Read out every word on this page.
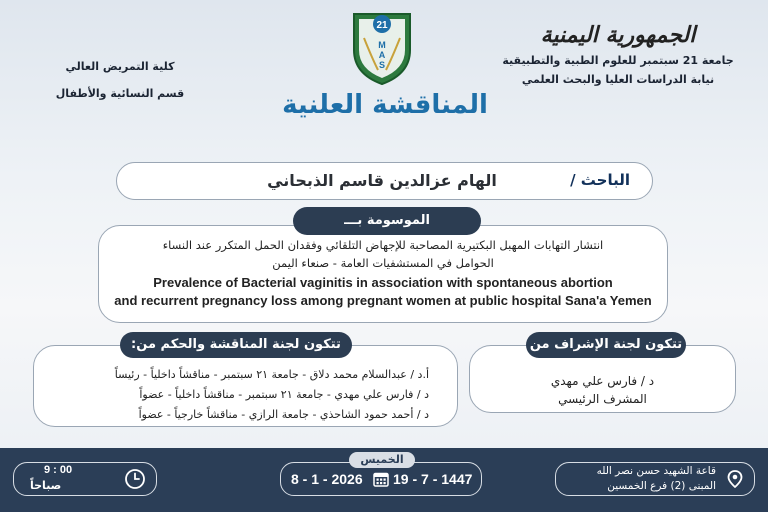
الجمهورية اليمنية
جامعة 21 سبتمبر للعلوم الطبية والتطبيقية
نيابة الدراسات العليا والبحث العلمي
كلية التمريض العالي
قسم النسائية والأطفال
21
M
A
S
المناقشة العلنية
الباحث /
الهام عزالدين قاسم الذبحاني
انتشار التهابات المهبل البكتيرية المصاحبة للإجهاض التلقائي وفقدان الحمل المتكرر عند النساء
الحوامل في المستشفيات العامة - صنعاء اليمن
Prevalence of Bacterial vaginitis in association with spontaneous abortion
and recurrent pregnancy loss among pregnant women at public hospital Sana'a Yemen
الموسومة بـــ
د / فارس علي مهدي
المشرف الرئيسي
تتكون لجنة الإشراف من
أ.د / عبدالسلام محمد دلاق - جامعة ٢١ سبتمبر - مناقشاً داخلياً - رئيساً
د / فارس علي مهدي - جامعة ٢١ سبتمبر - مناقشاً داخلياً - عضواً
د / أحمد حمود الشاحذي - جامعة الرازي - مناقشاً خارجياً - عضواً
تتكون لجنة المناقشة والحكم من:
قاعة الشهيد حسن نصر الله
المبنى (2) فرع الخمسين
8 - 1 - 2026 19 - 7 - 1447
الخميس
9 : 00
صباحاً
